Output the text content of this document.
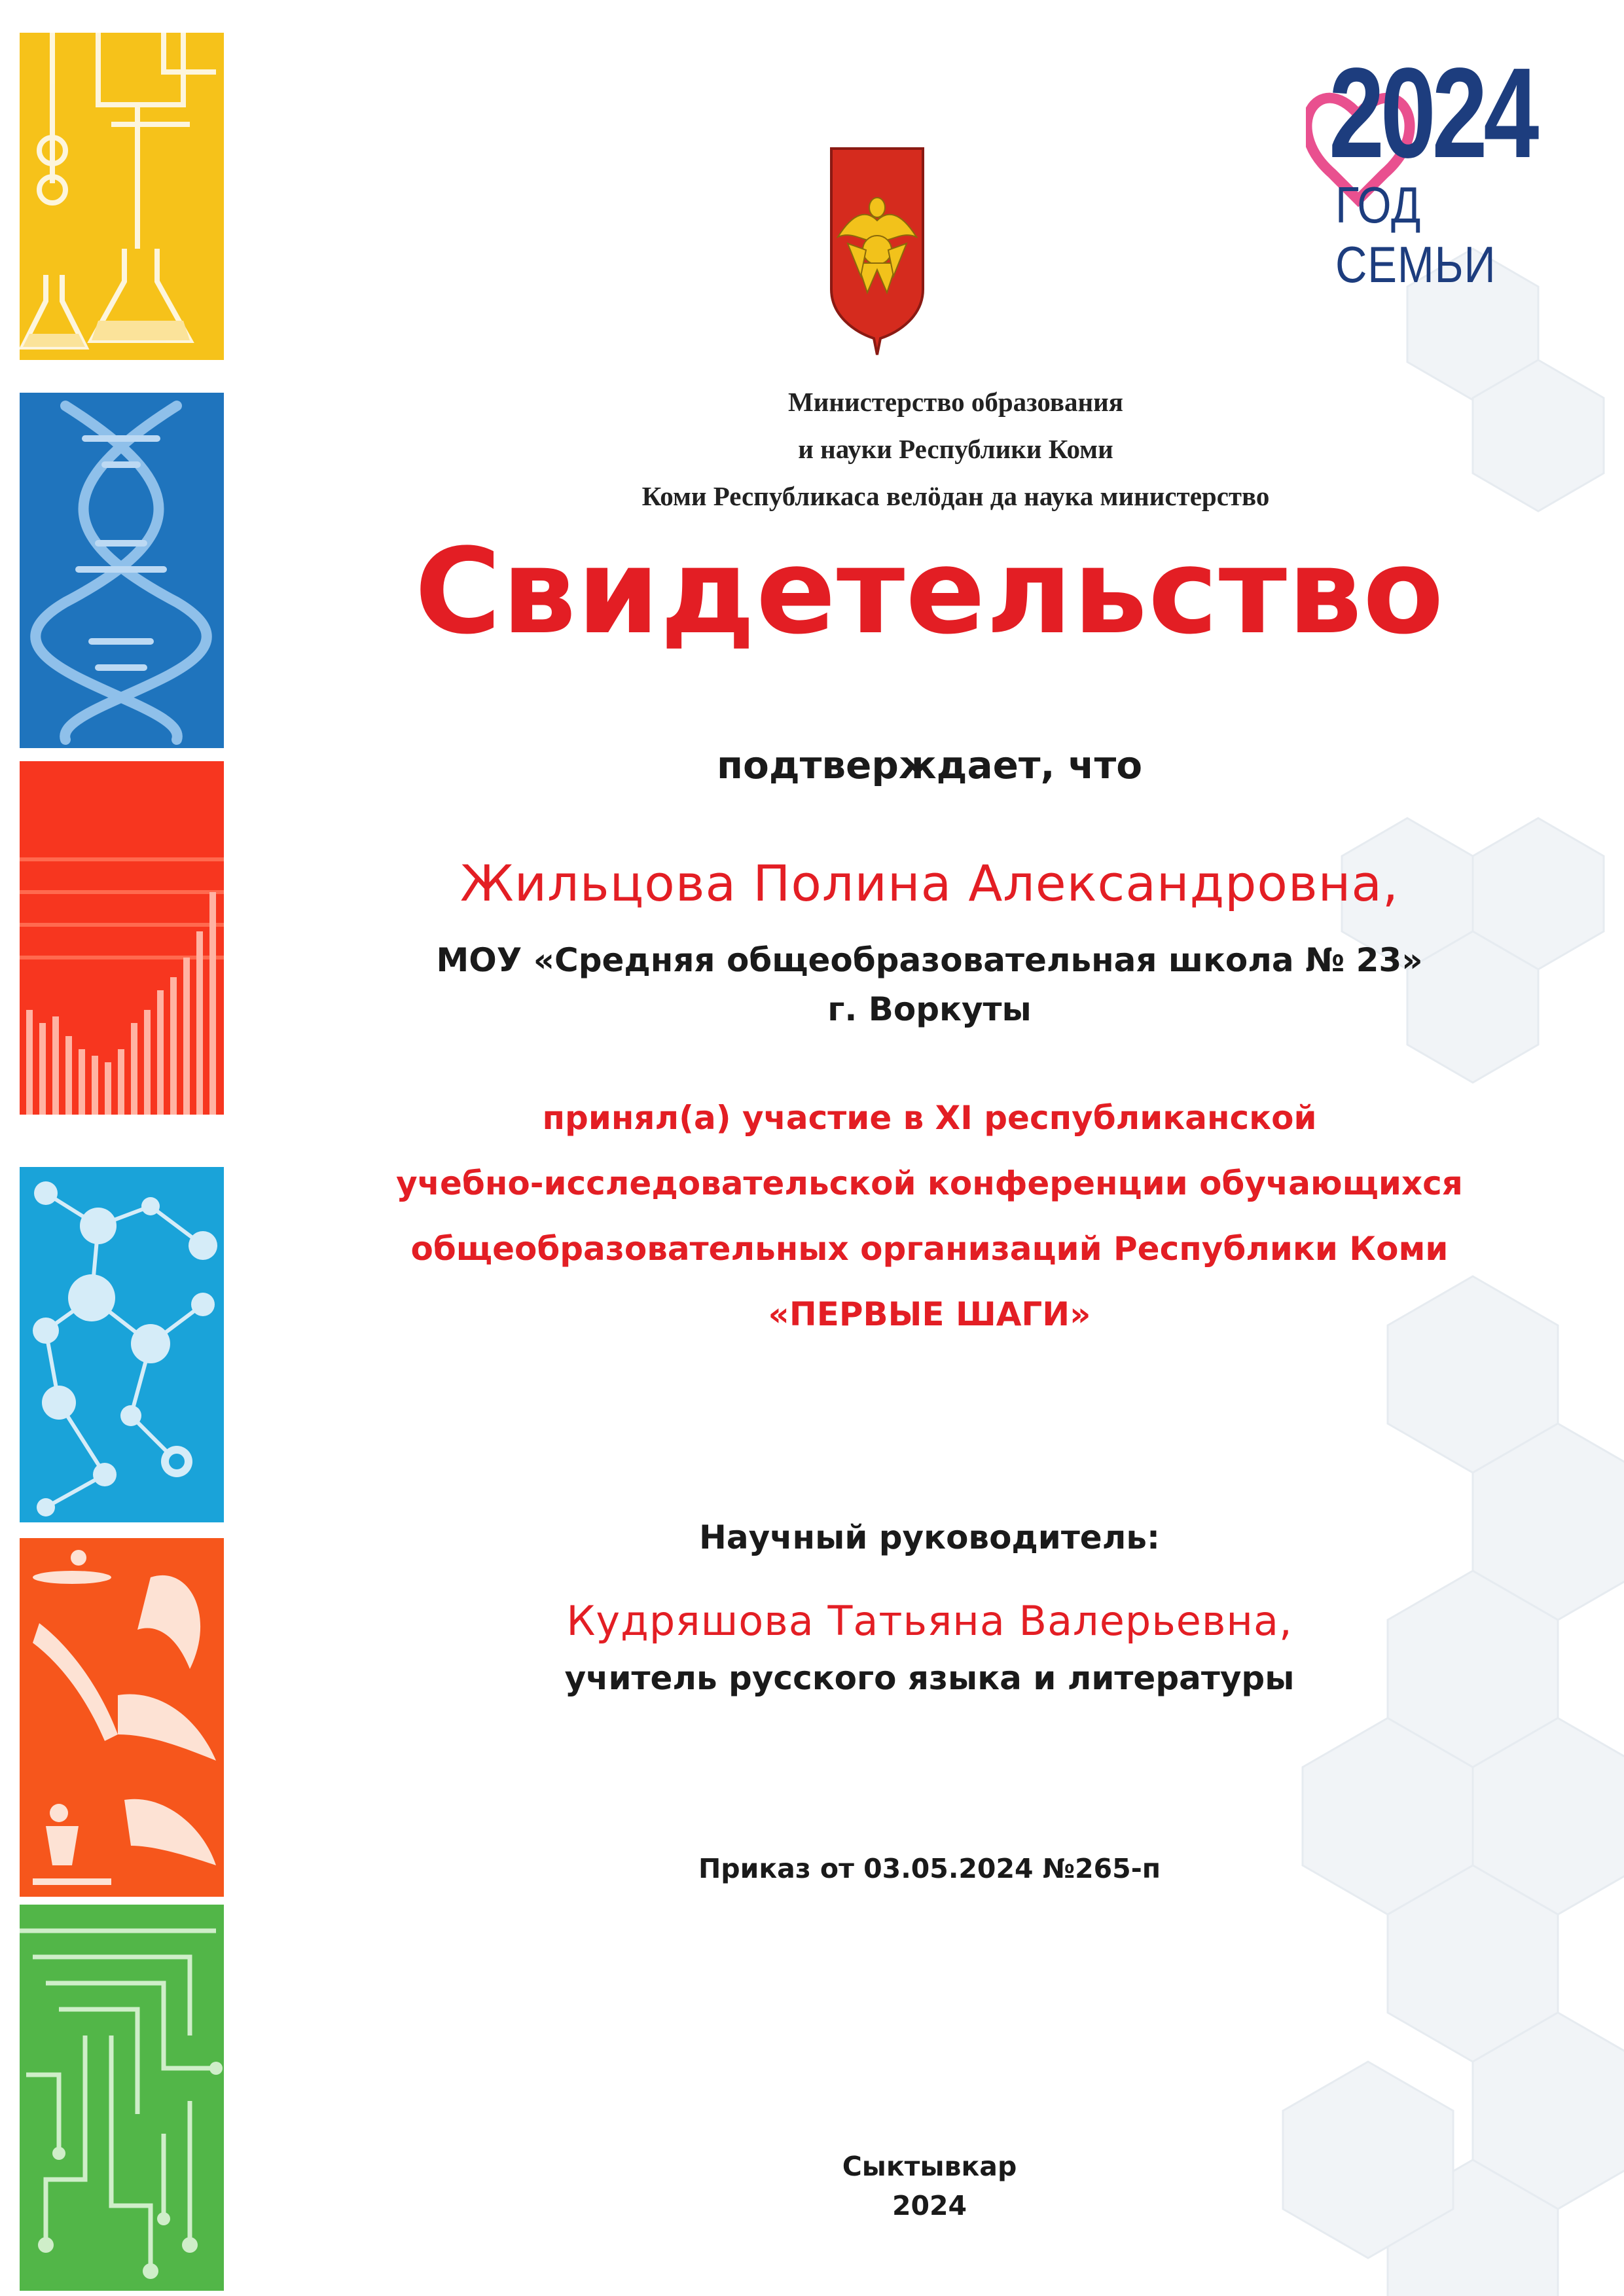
2024
ГОД СЕМЬИ
Министерство образования
и науки Республики Коми
Коми Республикаса велӧдан да наука министерство
Свидетельство
подтверждает, что
Жильцова Полина Александровна,
МОУ «Средняя общеобразовательная школа № 23»
г. Воркуты
принял(а) участие в XI республиканской
учебно-исследовательской конференции обучающихся
общеобразовательных организаций Республики Коми
«ПЕРВЫЕ ШАГИ»
Научный руководитель:
Кудряшова Татьяна Валерьевна,
учитель русского языка и литературы
Приказ от 03.05.2024 №265-п
Сыктывкар
2024
